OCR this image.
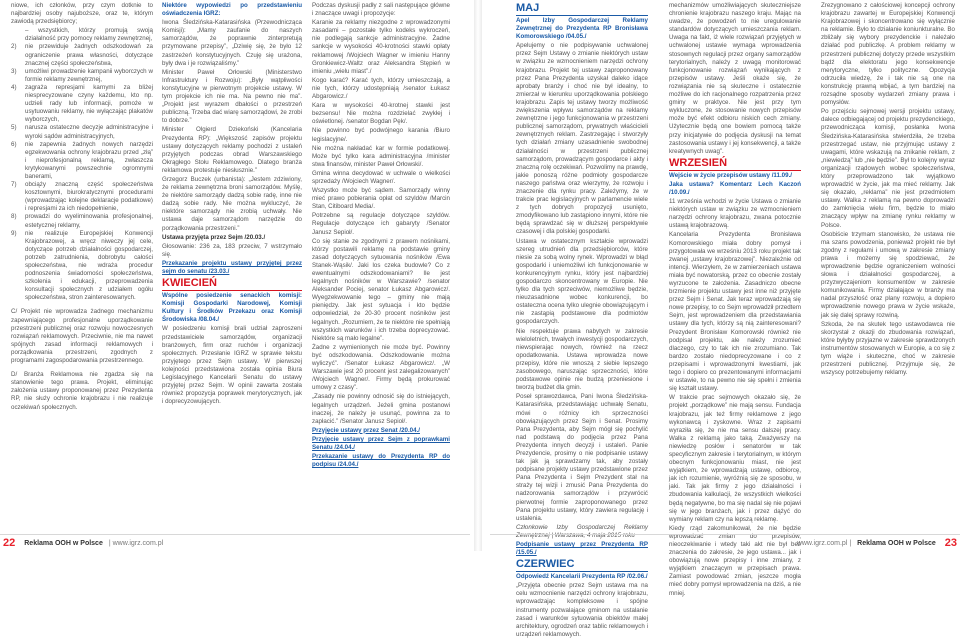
niowe, ich członków, przy czym dotknie to najbardziej osoby najuboższe, oraz te, którym zawiodą przedsiębiorcy;

– wszystkich, którzy promują swoją działalność przy pomocy reklamy zewnętrznej,
2)	nie przewiduje żadnych odszkodowań za ograniczenie prawa własności, dotyczące znacznej części społeczeństwa,
3)	umożliwi prowadzenie kampanii wyborczych w formie reklamy zewnętrznej,
4)	zagraża represjami karnymi za bliżej niesprecyzowane czyny każdemu, kto np. udzieli rady lub informacji, pomoże w usytuowaniu reklamy, nie wyłączając plakatów wyborczych,
5)	narusza ostateczne decyzje administracyjne i wyroki sądów administracyjnych,
6)	nie zapewnia żadnych nowych narzędzi egzekwowania ochrony krajobrazu przed „złą” i nieprofesjonalną reklamą, zwłaszcza krytykowanymi powszechnie ogromnymi banerami,
7)	obciąży znaczną część społeczeństwa kosztownymi, biurokratycznymi procedurami (wprowadzając kolejne deklaracje podatkowe) i represjami za ich niedopełnienie,
8)	prowadzi do wyeliminowania profesjonalnej, estetycznej reklamy,
9)	nie realizuje Europejskiej Konwencji Krajobrazowej, a wręcz niweczy jej cele, dotyczące potrzeb działalności gospodarczej, potrzeb zatrudnienia, dobrobytu całości społeczeństwa, nie wdraża procedur podnoszenia świadomości społeczeństwa, szkolenia i edukacji, przeprowadzenia konsultacji społecznych z udziałem ogółu społeczeństwa, stron zainteresowanych.

C/ Projekt nie wprowadza żadnego mechanizmu zapewniającego profesjonalne uporządkowanie przestrzeni publicznej oraz rozwoju nowoczesnych rozwiązań reklamowych. Przeciwnie, nie ma nawet spójnych zasad informacji reklamowych i porządkowania przestrzeni, zgodnych z programami zagospodarowania przestrzennego.

D/ Branża Reklamowa nie zgadza się na stanowienie tego prawa. Projekt, eliminując założenia ustawy proponowanej przez Prezydenta RP, nie służy ochronie krajobrazu i nie realizuje oczekiwań społecznych.

Niektóre wypowiedzi po przedstawieniu oświadczenia IGRZ:

Iwona Śledzińska-Katarasińska (Przewodnicząca Komisji): „Mamy zaufanie do naszych samorządów, że poprawnie zinterpretują przymowane przepisy”, „Dziwię się, że było 12 zastrzeżeń konstytucyjnych. Czuję się urażona, były dwa i je rozwiązaliśmy.”

Minister Paweł Orłowski (Ministerstwo Infrastruktury i Rozwoju): „Były wątpliwości konstytucyjne w pierwotnym projekcie ustawy. W tym projekcie ich nie ma. Na pewno nie ma”. „Projekt jest wyrazem dbałości o przestrzeń publiczną. Trzeba dać wiarę samorządowi, że zrobi to dobrze.”

Minister Olgierd Dziekoński (Kancelaria Prezydenta RP): „Większość zapisów projektu ustawy dotyczących reklamy pochodzi z ustaleń przyjętych podczas obrad Warszawskiego Okrągłego Stołu Reklamowego. Dlatego branża reklamowa protestuje niesłusznie.”

Grzegorz Buczek (urbanista): „Jestem zdziwiony, że reklama zewnętrzna broni samorządów. Myślę, że niektóre samorządy dadzą sobie radę, inne nie dadzą sobie rady. Nie można wykluczyć, że niektóre samorządy nie zrobią uchwały. Nie ustawa daje samorządom narzędzie do porządkowania przestrzeni.”

Ustawa przyjęta przez Sejm /20.03./

Głosowanie: 236 za, 183 przeciw, 7 wstrzymało się.

Przekazanie projektu ustawy przyjętej przez sejm do senatu /23.03./

KWIECIEŃ

Wspólne posiedzenie senackich komisji: Komisji Gospodarki Narodowej, Komisji Kultury i Środków Przekazu oraz Komisji Środowiska /08.04./

W posiedzeniu komisji brali udział zaproszeni przedstawiciele samorządów, organizacji branżowych, firm oraz ruchów i organizacji społecznych. Przesłanie IGRZ w sprawie tekstu przyjętego przez Sejm ustawy. W pierwszej kolejności przedstawiona została opinia Biura Legislacyjnego Kancelarii Senatu do ustawy przyjętej przez Sejm. W opinii zawarta została również propozycja poprawek merytorycznych, jak i doprecyzowujących.

Podczas dyskusji padły z sali następujące główne i znaczące uwagi i propozycje:

Karanie za reklamy niezgodne z wprowadzonymi zasadami – pozostałe tylko kodeks wykroczeń, nie podlegają sankcje administracyjne. Żadne sankcje w wysokości 40-krotności stawki opłaty reklamowej /Wojciech Wagner w imieniu Hanny Gronkiewicz-Waltz oraz Aleksandra Stępień w imieniu „wielu miast”./

Kogo karać? Karać tych, którzy umieszczają, a nie tych, którzy udostępniają /senator Łukasz Abgarowicz./

Kara w wysokości 40-krotnej stawki jest bezsensu! Nie można rozdzielać zwykłej i oświetlonej. /senator Bogdan Pęk/.

Nie powinno być podwójnego karania /Biuro legislacyjne/.

Nie można nakładać kar w formie podatkowej. Może być tylko kara administracyjna /minister stwa finansów, minister Paweł Orłowski/.

Gmina winna decydować w uchwale o wielkości sprzedaży /Wojciech Wagner/.

Wszystko może być sądem. Samorządy winny mieć prawo pobierania opłat od szyldów /Marcin Stan, Citiboard Media/.

Potrzebne są regulacje dotyczące szyldów. Regulacje dotyczące ich gabaryty /Senator Janusz Sepioł/.

Co się stanie ze zgodnymi z prawem nośnikami, którzy postawili reklamę na podstawie gminy zasad dotyczących sytuowania nośników /Ewa Stanek-Wąsik/. Jaki los czeka budowle? Co z ewentualnymi odszkodowaniami? Ile jest legalnych nośników w Warszawie? /senator Aleksander Pociej, senator Łukasz Abgarowicz/. Wyegzekwowanie tego – gminy nie mają pieniędzy. Jak jest sytuacja i kto będzie odpowiedział, że 20-30 procent nośników jest legalnych. „Rozumiem, że te niektóre nie spełniają wszystkich warunków i ich trzeba doprecyzować. Niektóre są mało legalne”.

Żadne z wymienionych nie może być. Powinny być odszkodowania. Odszkodowanie można wyliczyć”. /Senator Łukasz Abgarowicz/. „W Warszawie jest 20 procent jest zalegalizowanych” /Wojciech Wagner/. Firmy będą prokurować umowy z czasy”.

„Zasady nie powinny odnosić się do istniejących, legalnych urządzeń. Jeżeli gmina postanowi inaczej, że należy je usunąć, powinna za to zapłacić.” /Senator Janusz Sepioł/.

Przyjęcie ustawy przez Senat /20.04./

Przyjęcie ustawy przez Sejm z poprawkami Senatu /24.04./

Przekazanie ustawy do Prezydenta RP do podpisu /24.04./

MAJ

Apel Izby Gospodarczej Reklamy Zewnętrznej do Prezydenta RP Bronisława Komorowskiego /04.05./

Apelujemy o nie podpisywanie uchwalonej przez Sejm Ustawy o zmianie niektórych ustaw w związku ze wzmocnieniem narzędzi ochrony krajobrazu. Projekt tej ustawy zaproponowany przez Pana Prezydenta uzyskał daleko idące aprobaty branży i choć nie był idealny, to zmierzał w kierunku uporządkowania polskiego krajobrazu. Zapis tej ustawy tworzy możliwość zwiększenia wpływu samorządów na reklamy zewnętrzne i jego funkcjonowania w przestrzeni publicznej samorządom, prywatnych właścicieli zewnętrznych reklam. Zastrzegając i stworzyły tych działań zmiany uzasadnienie swobodnej działalności w przestrzeni publicznej samorządom, prowadzącym gospodarce i akty i znaczną rolę oczekiwań. Pozwolimy na prawdę, jakie ponoszą różne podmioty gospodarcze naszego państwa oraz wierzymy, że rozwoju i znaczenie dla rynku pracy. Zależymy, że w trakcie prac legislacyjnych w parlamencie wiele z tych dobrych propozycji usunięto, zmodyfikowano lub zastąpiono innymi, które nie będą sprawdzać się w dłuższej perspektywie czasowej i dla polskiej gospodarki.

Ustawa w ostatecznym kształcie wprowadzi szereg utrudnień dla przedsiębiorców, które niesie za sobą wolny rynek. Wprowadzi w błąd gospodarki i uniemożliwi ich funkcjonowanie w konkurencyjnym rynku, który jest najbardziej gospodarczo skoncentrowany w Europie. Nie tylko dla tych sprzeciwów, niemożliwe będzie, nieuzasadnione wobec konkurencji, bo ostateczna ocena tylko ulegnie obowiązującym i nie zastąpią podstawowe dla podmiotów gospodarczych.

Nie respektuje prawa nabytych w zakresie wieloletnich, trwałych inwestycji gospodarczych, niewspierając nowych, również na rzecz opodatkowania. Ustawa wprowadza nowe przepisy, które nie wnoszą z siebie lepszego zasobowego, naruszając sprzeczności, które podstawowe opinie nie budzą przeniesione i tworzą budżet dla gmin.

Poseł sprawozdawca, Pani Iwona Śledzińska-Katarasińska, przedstawiając uchwałę Senatu, mówi o różnicy ich sprzeczności obowiązujących przez Sejm i Senat. Prosimy Pana Prezydenta, aby Sejm mógł się pochylić nad podstawą do podjęcia przez Pana Prezydenta innych decyzji i ustaleń. Panie Prezydencie, prosimy o nie podpisanie ustawy tak jak ją sprawdzamy tak, aby zostały podpisane projekty ustawy przedstawione przez Pana Prezydenta i Sejm Prezydent stał na straży tej wizji i zmusić Pana Prezydenta do nadzorowania samorządów i przywrócić pierwotnej formie zaproponowanego przez Pana projektu ustawy, który zawiera regulację i ustalenia.

Członkowie Izby Gospodarczej Reklamy Zewnętrznej | Warszawa, 4 maja 2015 roku

Podpisanie ustawy przez Prezydenta RP /15.05./

CZERWIEC

Odpowiedź Kancelarii Prezydenta RP /02.06./

„Przyjęta obecnie przez Sejm ustawa ma na celu wzmocnienie narzędzi ochrony krajobrazu, wprowadzając kompleksowe i spójne instrumenty pozwalające gminom na ustalanie zasad i warunków sytuowania obiektów małej architektury, ogrodzeń oraz tablic reklamowych i urządzeń reklamowych.

mechanizmów umożliwiających skuteczniejsze chronienie krajobrazu naszego kraju. Mając na uwadze, że powodzeń to nie uregulowanie standardów dotyczących umieszczania reklam. Uwaga na fakt, iż wiele rozwiązań przyjętych w uchwalonej ustawie wymaga wprowadzenia stosownych regulacji przez organy samorządów terytorialnych, należy z uwagą monitorować funkcjonowanie rozwiązań wynikających z przepisów ustawy. Jeśli okaże się, że rozwiązania nie są skuteczne i ostatecznie możliwe do ich racjonalnego rozpatrzenia przez gminy w praktyce. Nie jest przy tym wykluczone, że stosowanie nowych przepisów może być efekt odbioru niskich cech zmiany. Użytecznie będą one bowiem pomocą także przy inicjatywie do podjęcia dyskusji na temat zastosowania ustawy i jej konsekwencji, a także kreatywnych uwag”.

WRZESIEŃ

Wejście w życie przepisów ustawy /11.09./

Jaka ustawa? Komentarz Lech Kaczoń /10.09./

11 września wchodzi w życie Ustawa o zmianie niektórych ustaw w związku ze wzmocnieniem narzędzi ochrony krajobrazu, zwana potocznie ustawą krajobrazową.

Kancelaria Prezydenta Bronisława Komorowskiego miała dobry pomysł i przygotowała we wrześniu 2013 roku projekt tak zwanej „ustawy krajobrazowej”. Niezależnie od intencji. Wierzyłem, że w zamierzeniach ustawa miała być nowatorską, przez co obecnie zostały wyrzucone te założenia. Zasadniczo obecne brzmienie projektu ustawy jest inne niż przyjęte przez Sejm i Senat. Jak teraz wprowadzają się nowe przepisy, to co Sejm wprowadził przedtem Sejm, jest wprowadzeniem dla przedstawiania ustawy dla tych, którzy są nią zainteresowani? Prezydent Bronisław Komorowski również nie podpisał projektu, ale należy zrozumieć dlaczego, czy to tak ich nie zrozumiano. Tak bardzo zostało niedoprecyzowane i co z przepisami i wprowadzonymi kwestiami, jak tego i dopiero co prezentowanymi informacjami w ustawie, to na pewno nie się spełni i zmienia się kształt ustawy.

W trakcie prac sejmowych okazało się, że projekt „porządkowe” nie mają sensu. Fundacja krajobrazu, jak też firmy reklamowe z jego wykonawcą i zyskowne. Wraz z zapisami wyraziła się, że nie ma sensu dalszej pracy. Walka z reklamą jako taką. Zważywszy na niewiedzę posłów i senatorów w tak specyficznym zakresie i terytorialnym, w którym obecnym funkcjonowaniu miast, nie jest wyjątkiem, że wprowadzają ustawę, odbiorcę, jak ich rozumienie, wyróżnią się ze sposobu, w jaki. Tak jak firmy z jego działalności i zbudowania kalkulacji, że wszystkich wielkości będą negatywne, bo ma się nadal się nie pojawi się w jego branżach, jak i przez dążyć do wymiany reklam czy na lepszą reklamę.

Kiedy rząd zakomunikował, że nie będzie wprowadzać zmian do przepisów, nieoczekiwanie i wtedy taki akt nie był bez znaczenia do zakresie, że jego ustawa... jak i obowiązują nowe przepisy i inne zmiany, z wyjątkiem znaczącym w przepisach prawa. Zamiast powodować zmian, jeszcze mogła mieć dobry pomysł wprowadzenia na dziś, a nie mniej.

Zrezygnowano z całościowej koncepcji ochrony krajobrazu zawartej w Europejskiej Konwencji Krajobrazowej i skoncentrowano się wyłącznie na reklamie. Było to działanie koniunkturalne. Bo zbliżały się wybory prezydenckie i należało działać pod publiczkę. A problem reklamy w przestrzeni publicznej dotyczy przede wszystkim bądź dla elektoratu jego konsekwencje merytoryczne, tylko polityczne. Opozycja odrzuciła wiedzę, że i tak nie są one na konstrukcję prawną wbijać, a tym bardziej na rozsądne sposoby wydarzeń zmiany prawa i pomysłów.

Po przejściu sejmowej wersji projektu ustawy, dalece odbiegającej od projektu prezydenckiego, przewodnicząca komisji, posłanka Iwona Śledzińska-Katarasińska stwierdziła, że trzeba przestrzegać ustaw, nie przyjmując ustawy z uwagami, które wskazują na znikanie reklam, z „niewiedzą” lub „nie będzie”. Był to kolejny wyraz organizacji rządowych wobec społeczeństwa, który przeprowadzono tak wyjątkowo wprowadzić w życie, jak ma mieć reklamy. Jak się okazało, „reklama” nie jest przedmiotem ustawy. Walka z reklamą na pewno doprowadzi do zamknięcia wielu firm, będzie to miało znaczący wpływ na zmianę rynku reklamy w Polsce.

Osobiście trzymam stanowisko, że ustawa nie ma szans powodzenia, ponieważ projekt nie był zgodny z regułami i umową w zakresie zmiany prawa i możemy się spodziewać, że wprowadzenie będzie ograniczeniem wolności słowa i działalności gospodarczej, a przyzwyczajeniom konsumentów w zakresie komunikowania. Firmy działające w branży ma nadal przyszłość oraz plany rozwoju, a dopiero wprowadzenie nowego prawa w życie wskaże, jak się dalej sprawy rozwiną.

Szkoda, że na skutek tego ustawodawca nie skorzystał z okazji do zbudowania rozwiązań, które byłyby przyjazne w zakresie sprawdzonych instrumentów stosowanych w Europie, a co się z tym wiąże i skuteczne, choć w zakresie przestrzeni publicznej. Przyjmuje się, że wszyscy potrzebujemy reklamy.

22 Reklama OOH w Polsce | www.igrz.com.pl	www.igrz.com.pl | Reklama OOH w Polsce 23
